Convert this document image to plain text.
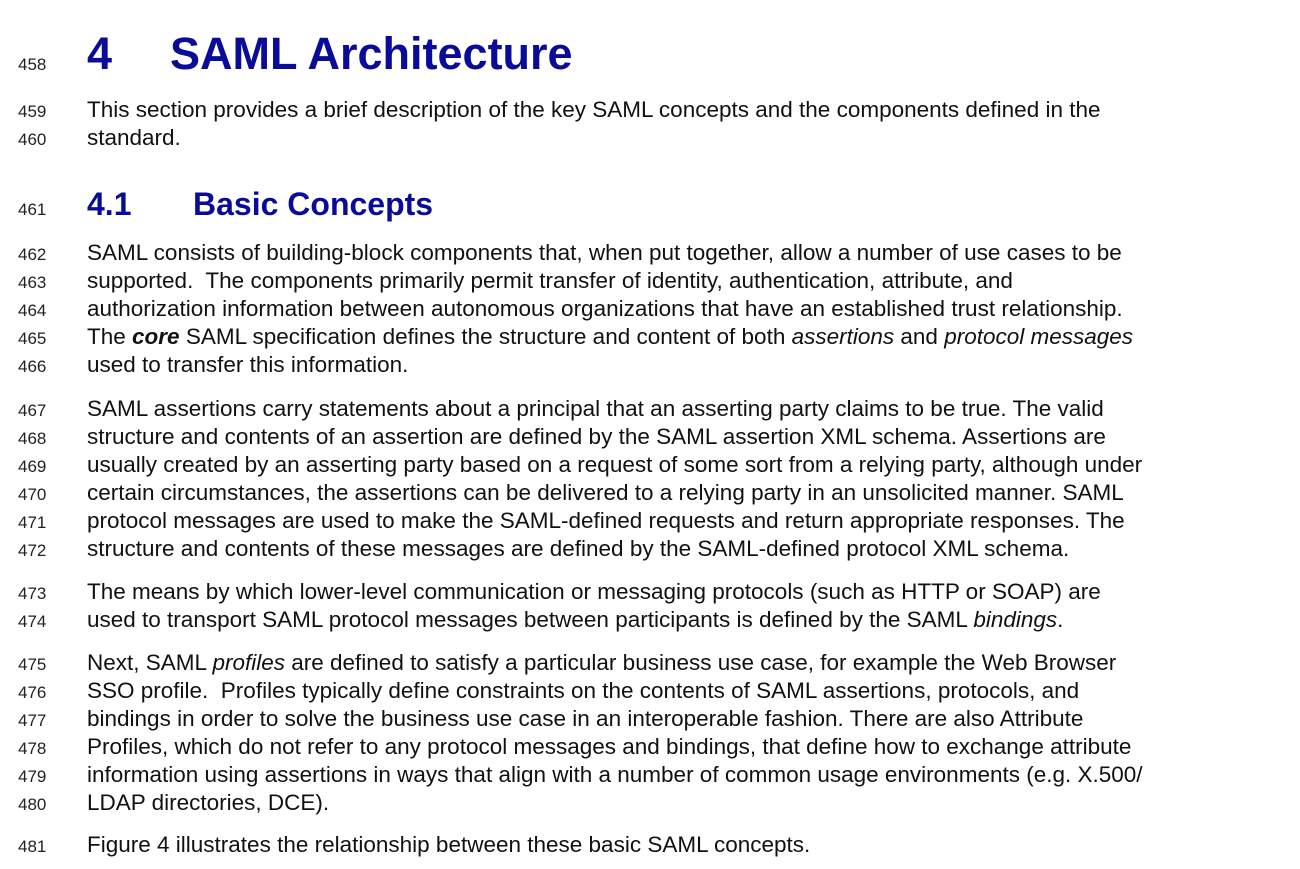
458 4 SAML Architecture
459 This section provides a brief description of the key SAML concepts and the components defined in the
460 standard.
461 4.1 Basic Concepts
462 SAML consists of building-block components that, when put together, allow a number of use cases to be
463 supported.  The components primarily permit transfer of identity, authentication, attribute, and
464 authorization information between autonomous organizations that have an established trust relationship.
465 The core SAML specification defines the structure and content of both assertions and protocol messages
466 used to transfer this information.
467 SAML assertions carry statements about a principal that an asserting party claims to be true. The valid
468 structure and contents of an assertion are defined by the SAML assertion XML schema. Assertions are
469 usually created by an asserting party based on a request of some sort from a relying party, although under
470 certain circumstances, the assertions can be delivered to a relying party in an unsolicited manner. SAML
471 protocol messages are used to make the SAML-defined requests and return appropriate responses. The
472 structure and contents of these messages are defined by the SAML-defined protocol XML schema.
473 The means by which lower-level communication or messaging protocols (such as HTTP or SOAP) are
474 used to transport SAML protocol messages between participants is defined by the SAML bindings.
475 Next, SAML profiles are defined to satisfy a particular business use case, for example the Web Browser
476 SSO profile.  Profiles typically define constraints on the contents of SAML assertions, protocols, and
477 bindings in order to solve the business use case in an interoperable fashion. There are also Attribute
478 Profiles, which do not refer to any protocol messages and bindings, that define how to exchange attribute
479 information using assertions in ways that align with a number of common usage environments (e.g. X.500/
480 LDAP directories, DCE).
481 Figure 4 illustrates the relationship between these basic SAML concepts.
